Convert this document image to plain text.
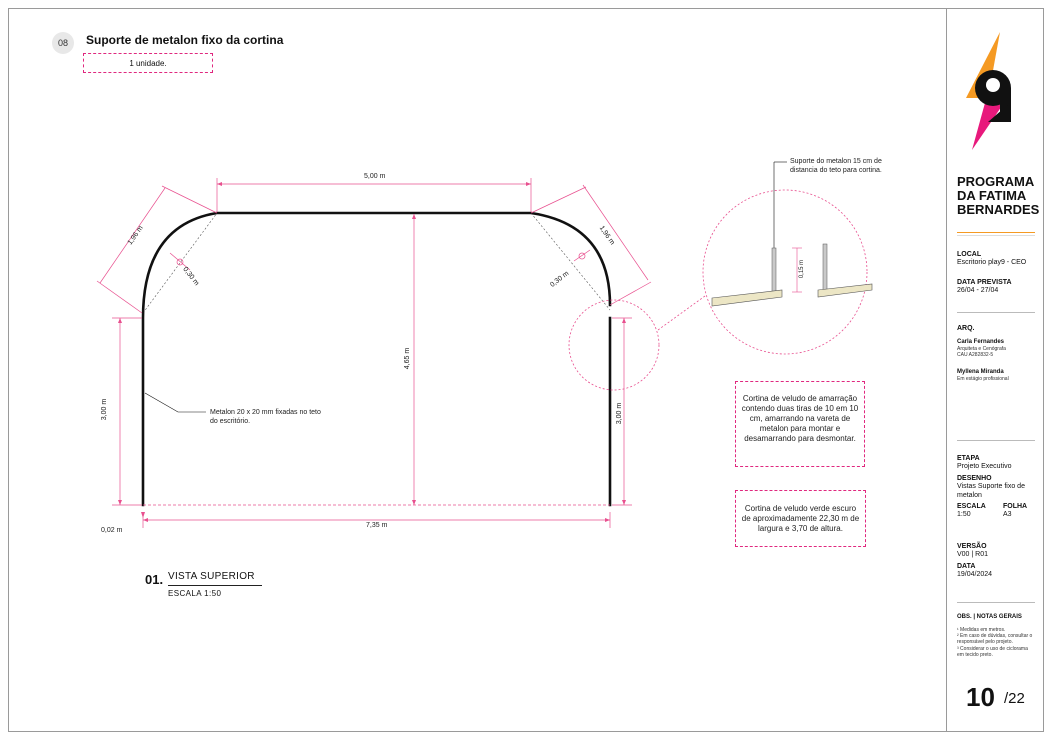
08	Suporte de metalon fixo da cortina
1 unidade.
5,00 m
1,96 m	1,96 m
0,30 m	0,30 m
4,65 m
3,00 m	3,00 m
7,35 m
0,02 m
0,15 m
Metalon 20 x 20 mm fixadas no teto do escritório.
Suporte do metalon 15 cm de distancia do teto para cortina.
Cortina de veludo de amarração contendo duas tiras de 10 em 10 cm, amarrando na vareta de metalon para montar e desamarrando para desmontar.
Cortina de veludo verde escuro de aproximadamente 22,30 m de largura e 3,70 de altura.
01. VISTA SUPERIOR
ESCALA 1:50
PROGRAMA DA FATIMA BERNARDES
LOCAL
Escritorio play9 - CEO
DATA PREVISTA
26/04 - 27/04
ARQ.
Carla Fernandes
Arquiteta e Cenógrafa
CAU A282832-5
Myllena Miranda
Em estágio profissional
ETAPA
Projeto Executivo
DESENHO
Vistas Suporte fixo de metalon
ESCALA
1:50
FOLHA
A3
VERSÃO
V00 | R01
DATA
19/04/2024
OBS. | NOTAS GERAIS
¹ Medidas em metros.
² Em caso de dúvidas, consultar o responsável pelo projeto.
³ Considerar o uso de ciclorama em tecido preto.
10 /22
